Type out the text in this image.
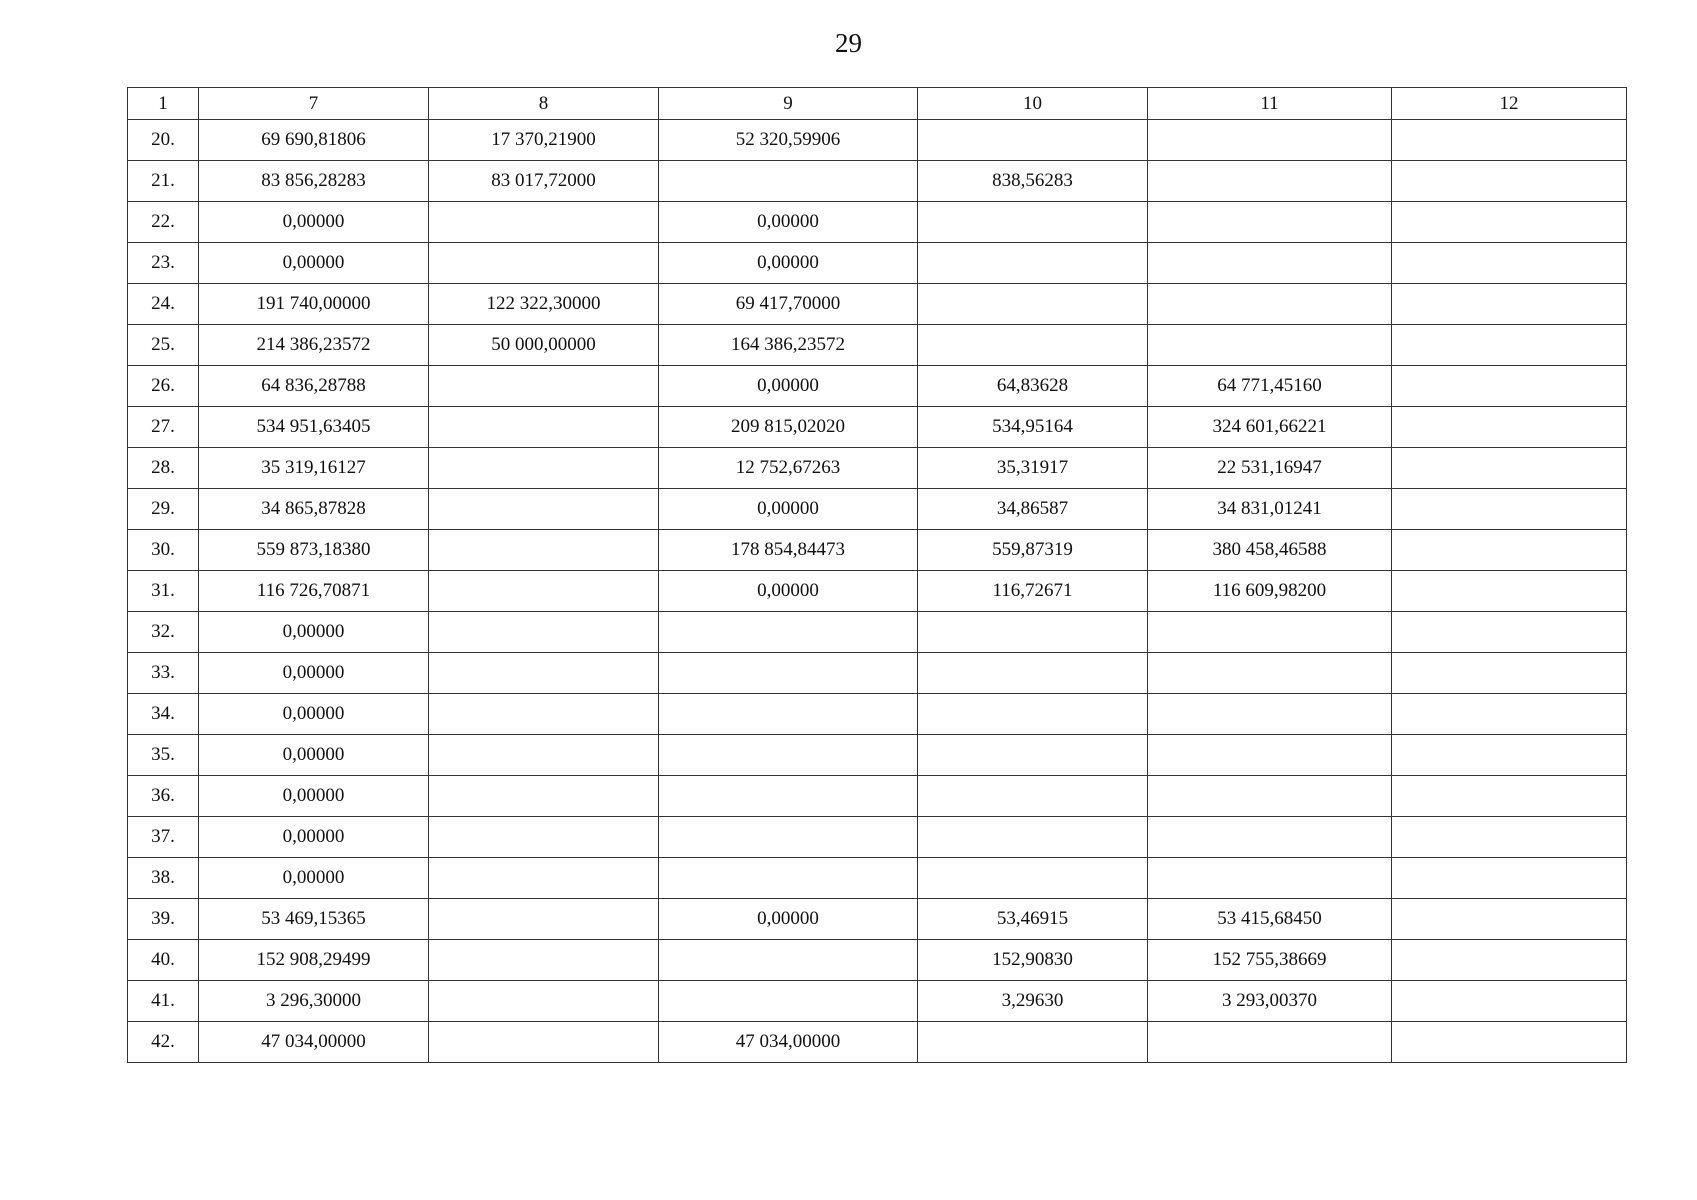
29
1	7	8	9	10	11	12
20.	69 690,81806	17 370,21900	52 320,59906			
21.	83 856,28283	83 017,72000		838,56283		
22.	0,00000		0,00000			
23.	0,00000		0,00000			
24.	191 740,00000	122 322,30000	69 417,70000			
25.	214 386,23572	50 000,00000	164 386,23572			
26.	64 836,28788		0,00000	64,83628	64 771,45160	
27.	534 951,63405		209 815,02020	534,95164	324 601,66221	
28.	35 319,16127		12 752,67263	35,31917	22 531,16947	
29.	34 865,87828		0,00000	34,86587	34 831,01241	
30.	559 873,18380		178 854,84473	559,87319	380 458,46588	
31.	116 726,70871		0,00000	116,72671	116 609,98200	
32.	0,00000					
33.	0,00000					
34.	0,00000					
35.	0,00000					
36.	0,00000					
37.	0,00000					
38.	0,00000					
39.	53 469,15365		0,00000	53,46915	53 415,68450	
40.	152 908,29499			152,90830	152 755,38669	
41.	3 296,30000			3,29630	3 293,00370	
42.	47 034,00000		47 034,00000			
